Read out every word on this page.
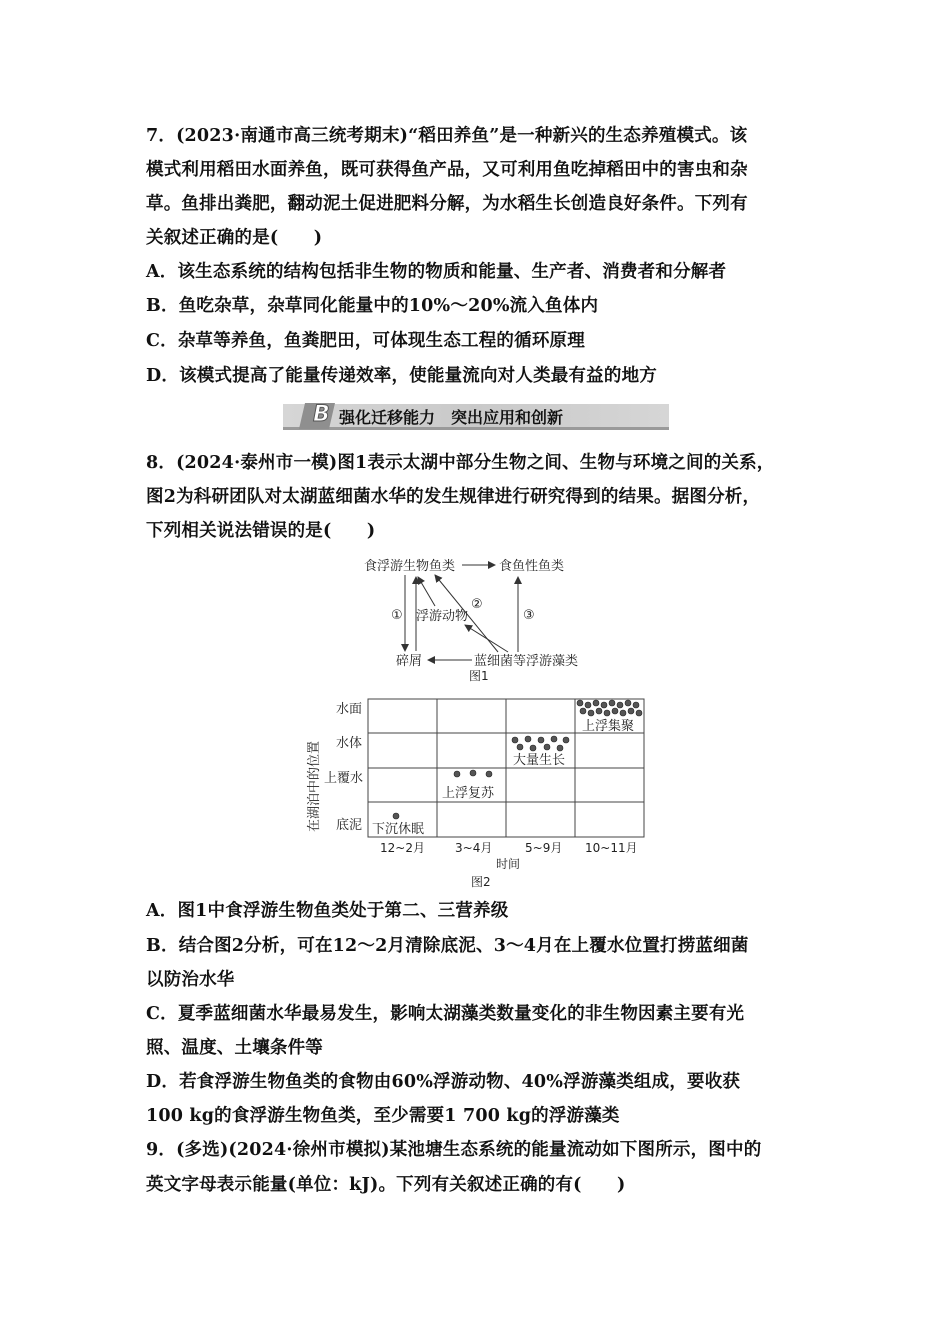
7．(2023·南通市高三统考期末)“稻田养鱼”是一种新兴的生态养殖模式。该
模式利用稻田水面养鱼，既可获得鱼产品，又可利用鱼吃掉稻田中的害虫和杂
草。鱼排出粪肥，翻动泥土促进肥料分解，为水稻生长创造良好条件。下列有
关叙述正确的是(　　)
A．该生态系统的结构包括非生物的物质和能量、生产者、消费者和分解者
B．鱼吃杂草，杂草同化能量中的10%～20%流入鱼体内
C．杂草等养鱼，鱼粪肥田，可体现生态工程的循环原理
D．该模式提高了能量传递效率，使能量流向对人类最有益的地方
B 强化迁移能力　突出应用和创新
8．(2024·泰州市一模)图1表示太湖中部分生物之间、生物与环境之间的关系，
图2为科研团队对太湖蓝细菌水华的发生规律进行研究得到的结果。据图分析，
下列相关说法错误的是(　　)
食浮游生物鱼类	食鱼性鱼类
浮游动物
碎屑	蓝细菌等浮游藻类
①
②
③
图1
水面
水体
上覆水
底泥
在湖泊中的位置
12~2月	3~4月	5~9月 10~11月
时间
图2
下沉休眠
上浮复苏
大量生长
上浮集聚
A．图1中食浮游生物鱼类处于第二、三营养级
B．结合图2分析，可在12～2月清除底泥、3～4月在上覆水位置打捞蓝细菌
以防治水华
C．夏季蓝细菌水华最易发生，影响太湖藻类数量变化的非生物因素主要有光
照、温度、土壤条件等
D．若食浮游生物鱼类的食物由60%浮游动物、40%浮游藻类组成，要收获
100 kg的食浮游生物鱼类，至少需要1 700 kg的浮游藻类
9．(多选)(2024·徐州市模拟)某池塘生态系统的能量流动如下图所示，图中的
英文字母表示能量(单位：kJ)。下列有关叙述正确的有(　　)
